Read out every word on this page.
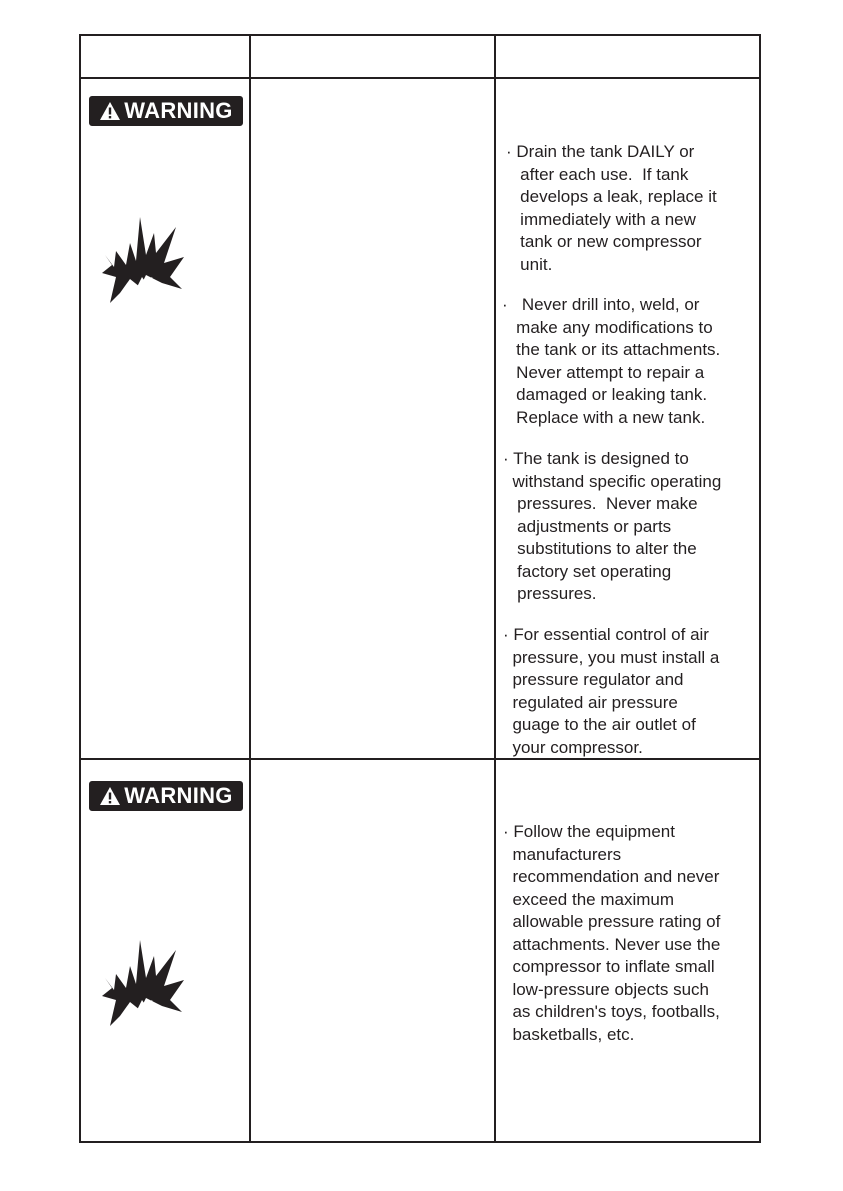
WARNING

· Drain the tank DAILY or
after each use.  If tank
develops a leak, replace it
immediately with a new
tank or new compressor
unit.

·   Never drill into, weld, or
make any modifications to
the tank or its attachments.
Never attempt to repair a
damaged or leaking tank.
Replace with a new tank.

· The tank is designed to
withstand specific operating
pressures.  Never make
adjustments or parts
substitutions to alter the
factory set operating
pressures.

· For essential control of air
pressure, you must install a
pressure regulator and
regulated air pressure
guage to the air outlet of
your compressor.

WARNING

· Follow the equipment
manufacturers
recommendation and never
exceed the maximum
allowable pressure rating of
attachments. Never use the
compressor to inflate small
low-pressure objects such
as children's toys, footballs,
basketballs, etc.
